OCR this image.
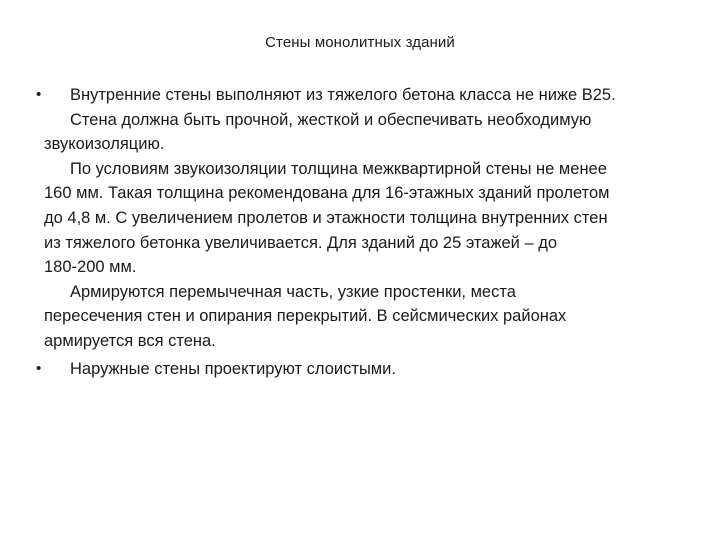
Стены монолитных зданий
• Внутренние стены выполняют из тяжелого бетона класса не ниже В25.
Стена должна быть прочной, жесткой и обеспечивать необходимую
звукоизоляцию.
По условиям звукоизоляции толщина межквартирной стены не менее
160 мм. Такая толщина рекомендована для 16-этажных зданий пролетом
до 4,8 м. С увеличением пролетов и этажности толщина внутренних стен
из тяжелого бетонка увеличивается. Для зданий до 25 этажей – до
180-200 мм.
Армируются перемычечная часть, узкие простенки, места
пересечения стен и опирания перекрытий. В сейсмических районах
армируется вся стена.
• Наружные стены проектируют слоистыми.
